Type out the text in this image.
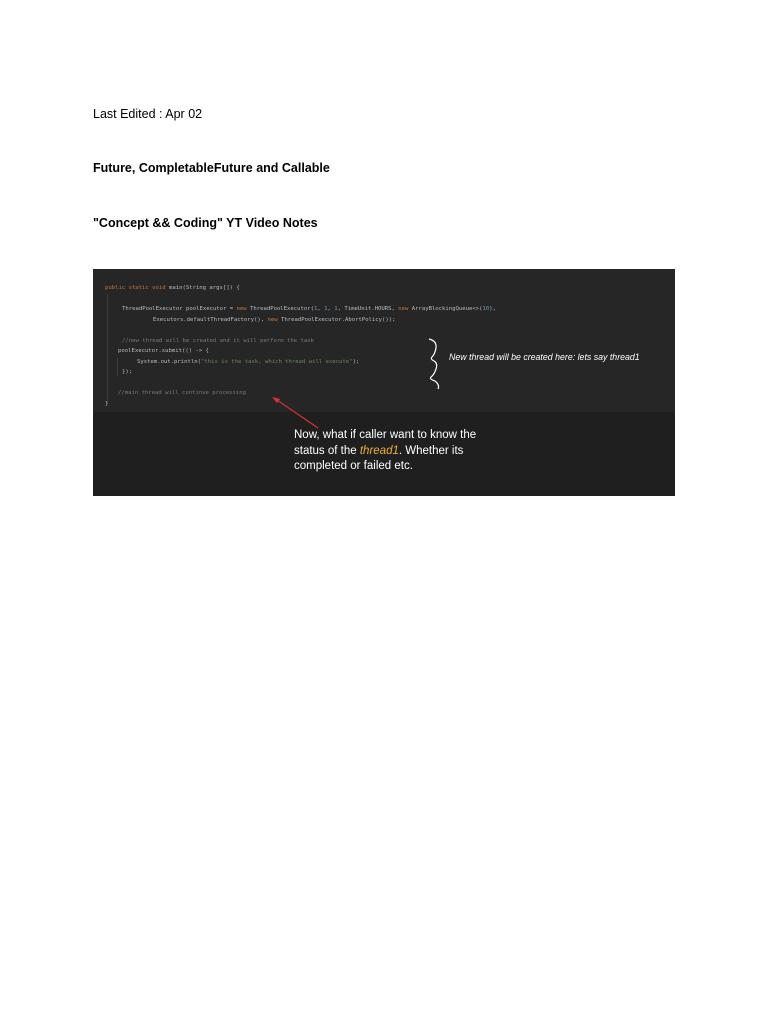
Last Edited : Apr 02
Future, CompletableFuture and Callable
"Concept && Coding" YT Video Notes
public static void main(String args[]) {
ThreadPoolExecutor poolExecutor = new ThreadPoolExecutor(1, 1, 1, TimeUnit.HOURS, new ArrayBlockingQueue<>(10),
Executors.defaultThreadFactory(), new ThreadPoolExecutor.AbortPolicy());
//new thread will be created and it will perform the task
poolExecutor.submit(() -> {
System.out.println("this is the task, which thread will execute");
});
//main thread will continue processing
}
New thread will be created here: lets say thread1
Now, what if caller want to know the
status of the thread1. Whether its
completed or failed etc.
